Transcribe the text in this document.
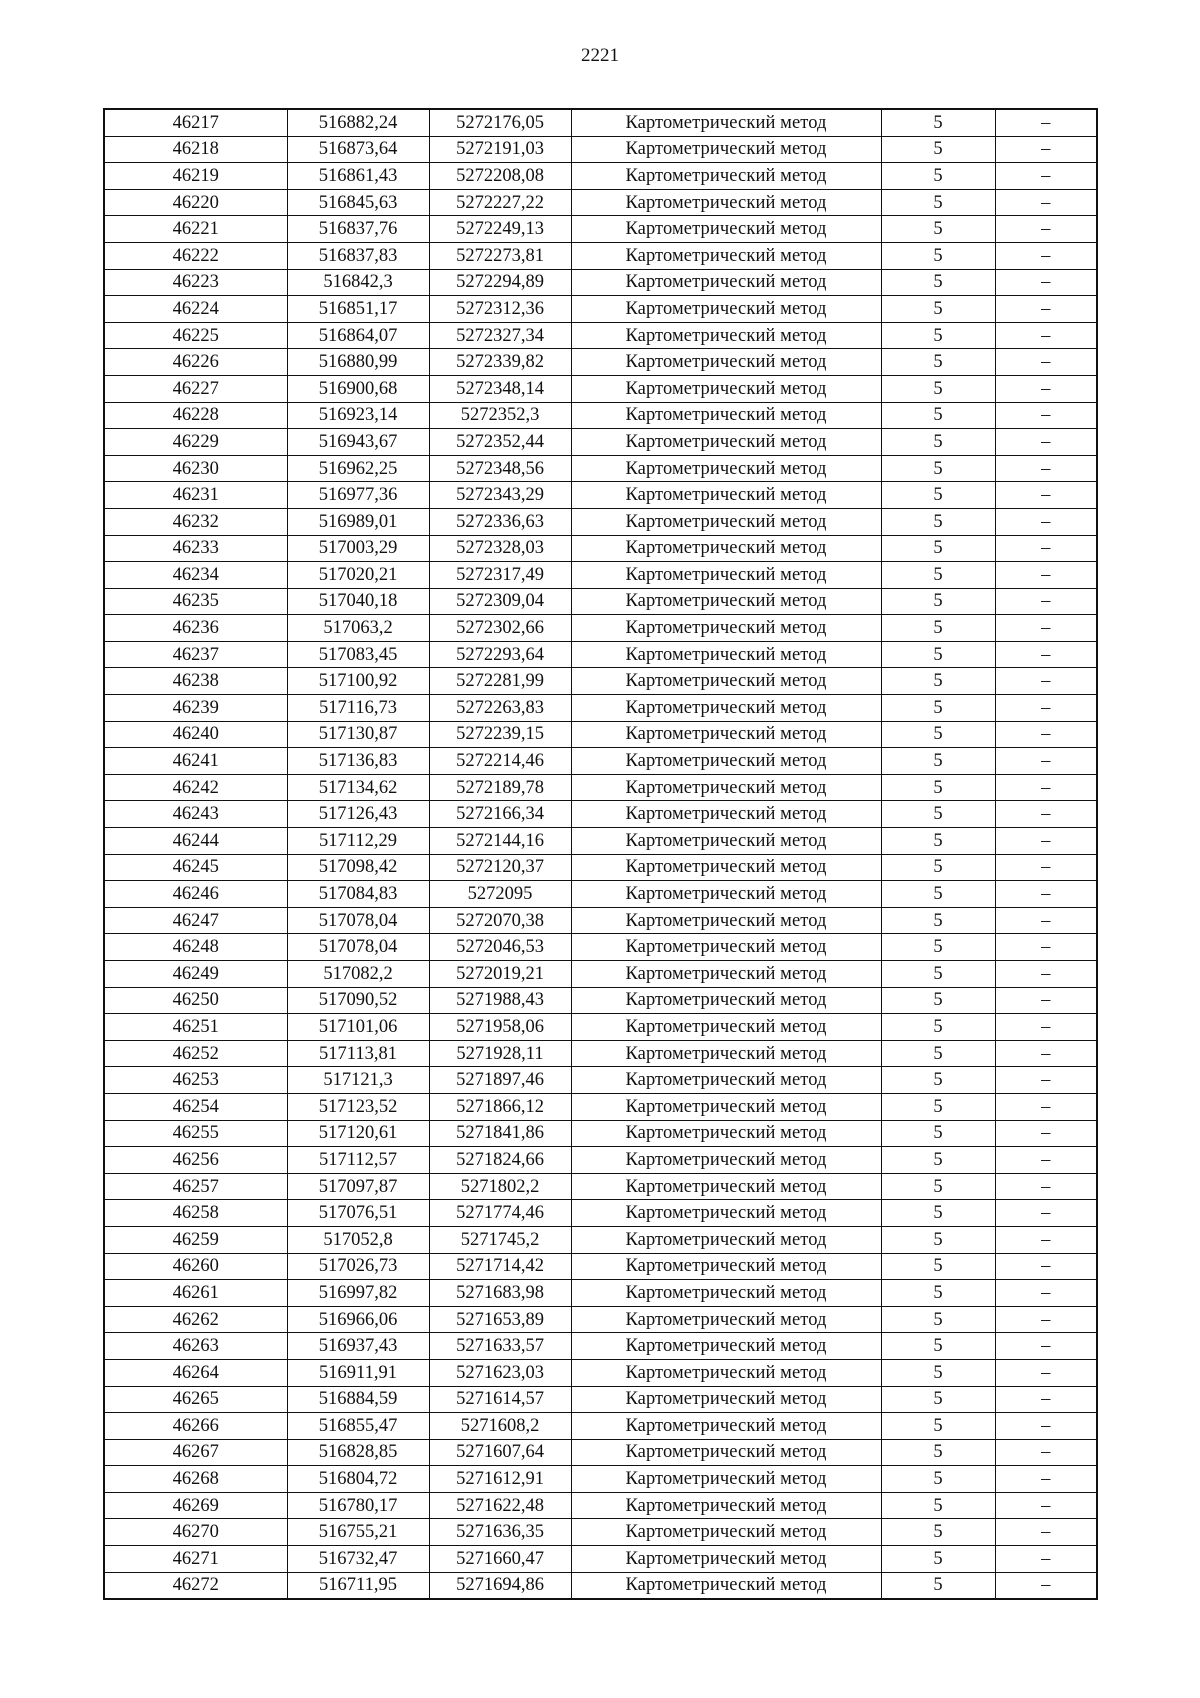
2221
46217	516882,24	5272176,05	Картометрический метод	5	–
46218	516873,64	5272191,03	Картометрический метод	5	–
46219	516861,43	5272208,08	Картометрический метод	5	–
46220	516845,63	5272227,22	Картометрический метод	5	–
46221	516837,76	5272249,13	Картометрический метод	5	–
46222	516837,83	5272273,81	Картометрический метод	5	–
46223	516842,3	5272294,89	Картометрический метод	5	–
46224	516851,17	5272312,36	Картометрический метод	5	–
46225	516864,07	5272327,34	Картометрический метод	5	–
46226	516880,99	5272339,82	Картометрический метод	5	–
46227	516900,68	5272348,14	Картометрический метод	5	–
46228	516923,14	5272352,3	Картометрический метод	5	–
46229	516943,67	5272352,44	Картометрический метод	5	–
46230	516962,25	5272348,56	Картометрический метод	5	–
46231	516977,36	5272343,29	Картометрический метод	5	–
46232	516989,01	5272336,63	Картометрический метод	5	–
46233	517003,29	5272328,03	Картометрический метод	5	–
46234	517020,21	5272317,49	Картометрический метод	5	–
46235	517040,18	5272309,04	Картометрический метод	5	–
46236	517063,2	5272302,66	Картометрический метод	5	–
46237	517083,45	5272293,64	Картометрический метод	5	–
46238	517100,92	5272281,99	Картометрический метод	5	–
46239	517116,73	5272263,83	Картометрический метод	5	–
46240	517130,87	5272239,15	Картометрический метод	5	–
46241	517136,83	5272214,46	Картометрический метод	5	–
46242	517134,62	5272189,78	Картометрический метод	5	–
46243	517126,43	5272166,34	Картометрический метод	5	–
46244	517112,29	5272144,16	Картометрический метод	5	–
46245	517098,42	5272120,37	Картометрический метод	5	–
46246	517084,83	5272095	Картометрический метод	5	–
46247	517078,04	5272070,38	Картометрический метод	5	–
46248	517078,04	5272046,53	Картометрический метод	5	–
46249	517082,2	5272019,21	Картометрический метод	5	–
46250	517090,52	5271988,43	Картометрический метод	5	–
46251	517101,06	5271958,06	Картометрический метод	5	–
46252	517113,81	5271928,11	Картометрический метод	5	–
46253	517121,3	5271897,46	Картометрический метод	5	–
46254	517123,52	5271866,12	Картометрический метод	5	–
46255	517120,61	5271841,86	Картометрический метод	5	–
46256	517112,57	5271824,66	Картометрический метод	5	–
46257	517097,87	5271802,2	Картометрический метод	5	–
46258	517076,51	5271774,46	Картометрический метод	5	–
46259	517052,8	5271745,2	Картометрический метод	5	–
46260	517026,73	5271714,42	Картометрический метод	5	–
46261	516997,82	5271683,98	Картометрический метод	5	–
46262	516966,06	5271653,89	Картометрический метод	5	–
46263	516937,43	5271633,57	Картометрический метод	5	–
46264	516911,91	5271623,03	Картометрический метод	5	–
46265	516884,59	5271614,57	Картометрический метод	5	–
46266	516855,47	5271608,2	Картометрический метод	5	–
46267	516828,85	5271607,64	Картометрический метод	5	–
46268	516804,72	5271612,91	Картометрический метод	5	–
46269	516780,17	5271622,48	Картометрический метод	5	–
46270	516755,21	5271636,35	Картометрический метод	5	–
46271	516732,47	5271660,47	Картометрический метод	5	–
46272	516711,95	5271694,86	Картометрический метод	5	–
